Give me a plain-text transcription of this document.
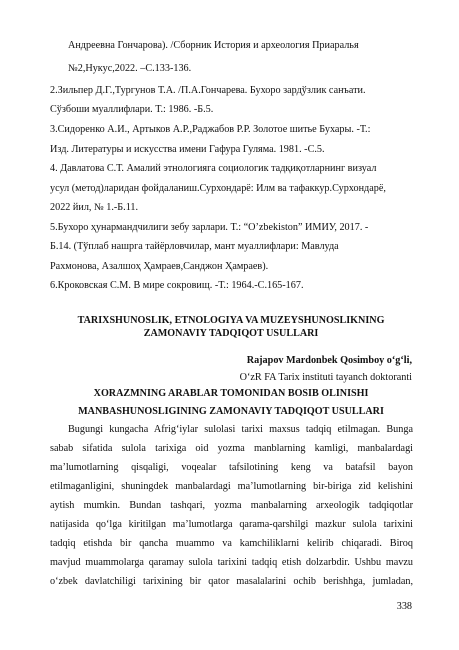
Андреевна Гончарова). /Сборник История и археология Приаралья
№2,Нукус,2022. –С.133-136.
2.Зильпер Д.Г.,Тургунов Т.А. /П.А.Гончарева. Бухоро зардўзлик санъати.
Сўзбоши муаллифлари. Т.: 1986. -Б.5.
3.Сидоренко А.И., Артыков А.Р.,Раджабов Р.Р. Золотое шитье Бухары. -Т.:
Изд. Литературы и искусства имени Гафура Гуляма. 1981. -С.5.
4. Давлатова С.Т. Амалий этнологияга социологик тадқиқотларнинг визуал
усул (метод)ларидан фойдаланиш.Сурхондарё: Илм ва тафаккур.Сурхондарё,
2022 йил, № 1.-Б.11.
5.Бухоро ҳунармандчилиги зебу зарлари. Т.: “O’zbekiston” ИМИУ, 2017. -
Б.14. (Тўплаб нашрга тайёрловчилар, мант муаллифлари: Мавлуда
Рахмонова, Азалшоҳ Ҳамраев,Санджон Ҳамраев).
6.Кроковская С.М. В мире сокровищ. -Т.: 1964.-С.165-167.
TARIXSHUNOSLIK, ETNOLOGIYA VA MUZEYSHUNOSLIKNING
ZAMONAVIY TADQIQOT USULLARI
Rajapov Mardonbek Qosimboy oʻgʻli,
OʻzR FA Tarix instituti tayanch doktoranti
XORAZMNING ARABLAR TOMONIDAN BOSIB OLINISHI
MANBASHUNOSLIGINING ZAMONAVIY TADQIQOT USULLARI
Bugungi kungacha Afrigʻiylar sulolasi tarixi maxsus tadqiq etilmagan. Bunga
sabab sifatida sulola tarixiga oid yozma manblarning kamligi, manbalardagi
ma’lumotlarning qisqaligi, voqealar tafsilotining keng va batafsil bayon
etilmaganligini, shuningdek manbalardagi ma’lumotlarning bir-biriga zid kelishini
aytish mumkin. Bundan tashqari, yozma manbalarning arxeologik tadqiqotlar
natijasida qoʻlga kiritilgan ma’lumotlarga qarama-qarshilgi mazkur sulola tarixini
tadqiq etishda bir qancha muammo va kamchiliklarni kelirib chiqaradi. Biroq
mavjud muammolarga qaramay sulola tarixini tadqiq etish dolzarbdir. Ushbu mavzu
oʻzbek davlatchiligi tarixining bir qator masalalarini ochib berishhga, jumladan,
338
